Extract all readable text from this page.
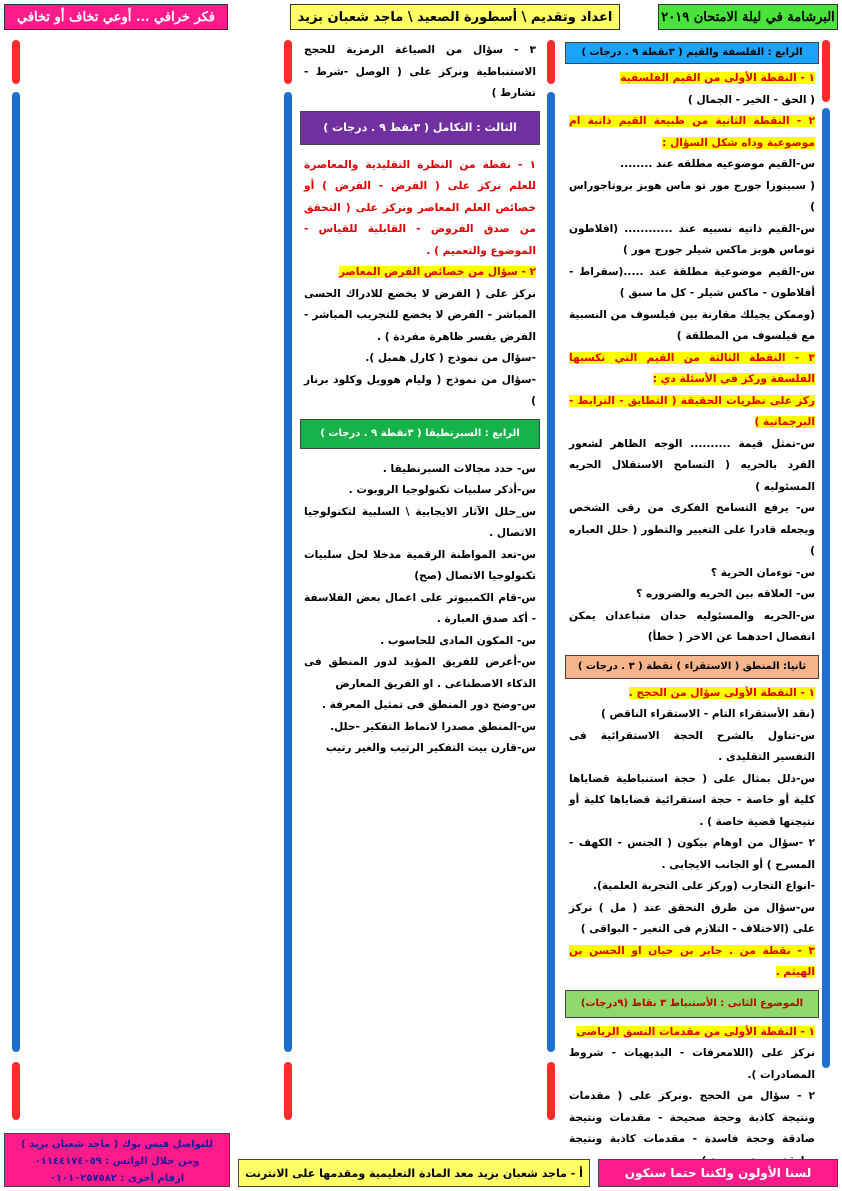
فكر خرافي ... أوعي تخاف أو تخافي	اعداد وتقديم \ أسطورة الصعيد \ ماجد شعبان بزيد	البرشامة في ليلة الامتحان ٢٠١٩
الرابع : الفلسفة والقيم ( ٣نقطة ٩ . درجات )

١ - النقطة الأولى من القيم الفلسفية

( الحق - الخير - الجمال )

٢ - النقطة الثانية من طبيعة القيم ذاتية ام موضوعية وداه شكل السؤال :

س-القيم موضوعيه مطلقه عند ........

( سبينوزا جورج مور تو ماس هوبز بروتاجوراس )

س-القيم ذاتيه نسبيه عند ............ (افلاطون توماس هوبز ماكس شيلر جورج مور )

س-القيم موضوعية مطلقة عند .....(سقراط - أفلاطون - ماكس شيلر - كل ما سبق )

(وممكن يجيلك مقارنة بين فيلسوف من النسبية مع فيلسوف من المطلقة )

٣ - النقطة الثالثة من القيم التي تكسبها الفلسفة وركز في الأسئلة دي :

ركز على نظريات الحقيقة ( التطابق - الترابط - البرجماتية )

س-تمثل قيمة .......... الوجه الظاهر لشعور الفرد بالحريه ( التسامح الاستقلال الحريه المسئوليه )

س- يرفع التسامح الفكرى من رقى الشخص ويجعله قادرا على التغيير والتطور ( حلل العباره )

س- توءمان الحرية ؟

س- العلاقه بين الحريه والضروره ؟

س-الحريه والمسئوليه حدان متباعدان يمكن انفصال احدهما عن الاخر ( خطأ)

ثانيا: المنطق ( الاستقراء ) نقطة ( ٣ . درجات )

١ - النقطة الأولى سؤال من الحجج .

(نقد الأستقراء التام - الاستقراء الناقص )

س-تناول بالشرح الحجة الاستقرائية فى التفسير التقليدى .

س-دلل بمثال على ( حجة استنباطية قضاياها كلية أو خاصة - حجة استقرائية قضاياها كلية أو نتيجتها قضية خاصة ) .

٢ -سؤال من اوهام بيكون ( الجنس - الكهف - المسرح ) أو الجانب الايجابى .

-انواع التجارب (وركز على التجربة العلمية).

س-سؤال من طرق التحقق عند ( مل ) نركز على (الاختلاف - التلازم فى التغير - البواقى )

٣ - نقطة من . جابر بن حيان او الحسن بن الهيثم .

الموضوع الثانى : الأستنباط ٣ نقاط (٩درجات)

١ - النقطة الأولى من مقدمات النسق الرياضى

نركز على (اللامعرفات - البديهيات - شروط المصادرات ).

٢ - سؤال من الحجج .ونركز على ( مقدمات ونتيجة كاذبة وحجة صحيحة - مقدمات ونتيجة صادقة وحجة فاسدة - مقدمات كاذبة ونتيجة

٣ - سؤال من الصياغة الرمزية للحجج الاستنباطية ونركز على ( الوصل -شرط - تشارط )

الثالث : التكامل ( ٣نقط ٩ . درجات )

١ - نقطة من النظرة التقليدية والمعاصرة للعلم نركز على ( الفرض - الفرض ) أو خصائص العلم المعاصر ونركز على ( التحقق من صدق الفروض - القابلية للقياس - الموضوع والتعميم ) .

٢ - سؤال من خصائص الفرض المعاصر

نركز على ( الفرض لا يخضع للادراك الحسى المباشر - الفرض لا يخضع للتجريب المباشر - الفرض يفسر ظاهرة مفردة ) .

-سؤال من نموذج ( كارل همبل ).

-سؤال من نموذج ( وليام هوويل وكلود برنار )

الرابع : السبرنطيقا ( ٣نقطة ٩ . درجات )

س- حدد مجالات السبرنطيقا .

س-أذكر سلبيات تكنولوجيا الروبوت .

س_حلل الآثار الايجابية \ السلبية لتكنولوجيا الاتصال .

س-تعد المواطنة الرقمية مدخلا لحل سلبيات تكنولوجيا الاتصال (صح)

س-قام الكمبيوتر على اعمال بعض الفلاسفة - أكد صدق العبارة .

س- المكون المادى للحاسوب .

س-أعرض للفريق المؤيد لدور المنطق فى الذكاء الاصطناعى . او الفريق المعارض

س-وضح دور المنطق فى تمثيل المعرفة .

س-المنطق مصدرا لانماط التفكير -حلل.

س-قارن بيت التفكير الرتيب والغير رتيب

للتواصل فيس بوك ( ماجد شعبان بزيد )
ومن خلال الواتس : ٠١١٤٤١٧٤٠٥٩
ارقام أخرى : ٠١٠١٠٢٥٧٥٨٢	أ - ماجد شعبان بزيد معد المادة التعليمية ومقدمها على الانترنت	لسنا الأولون ولكننا حتما سنكون
